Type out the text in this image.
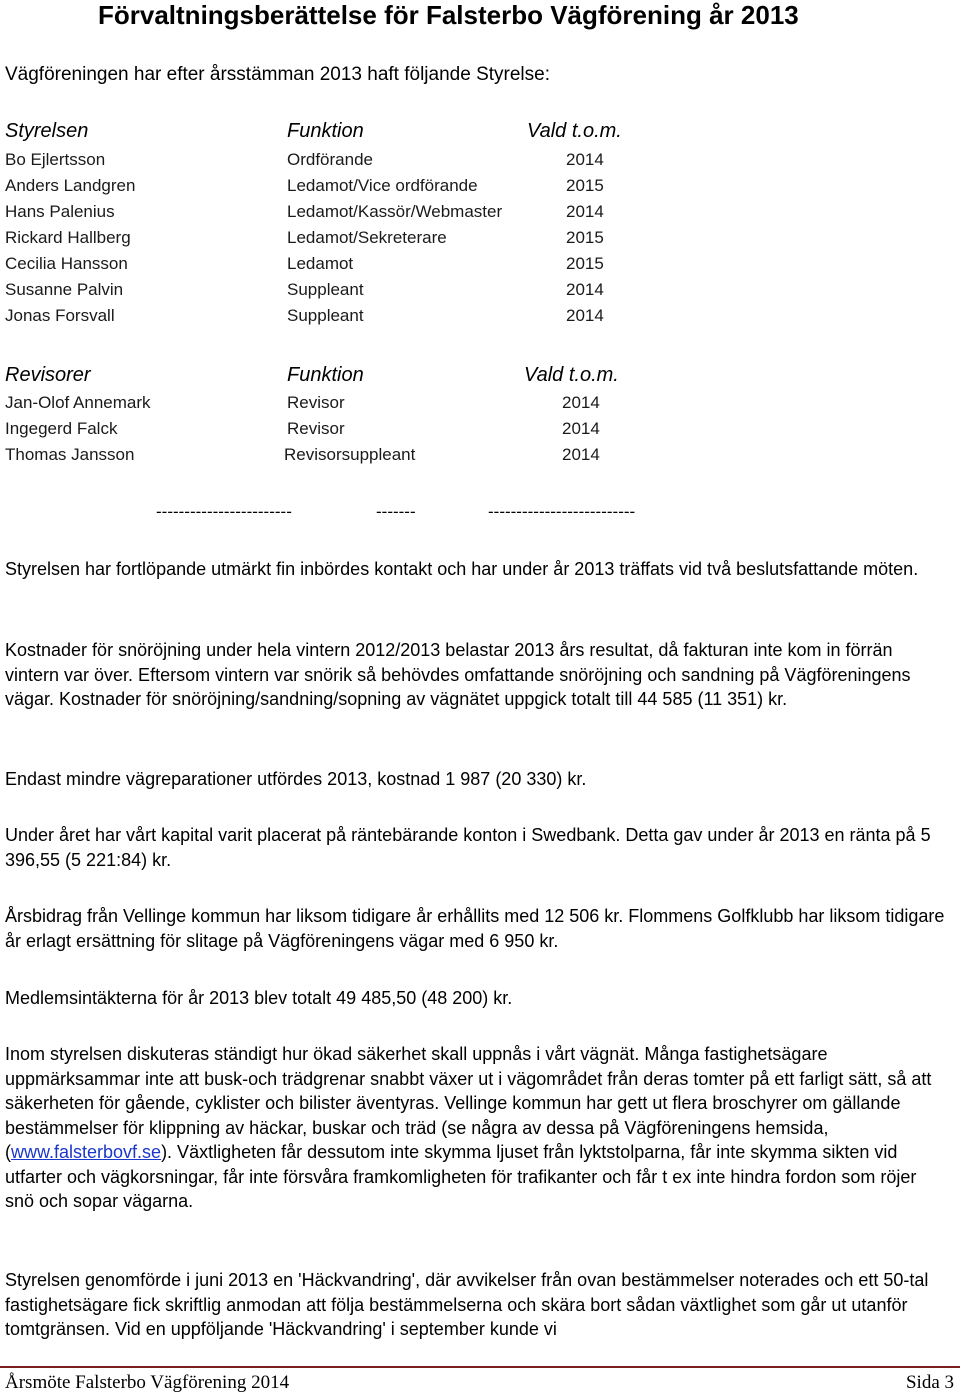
Förvaltningsberättelse för Falsterbo Vägförening år 2013
Vägföreningen har efter årsstämman 2013 haft följande Styrelse:
Styrelsen	Funktion	Vald t.o.m.
Bo Ejlertsson	Ordförande	2014
Anders Landgren	Ledamot/Vice ordförande	2015
Hans Palenius	Ledamot/Kassör/Webmaster	2014
Rickard Hallberg	Ledamot/Sekreterare	2015
Cecilia Hansson	Ledamot	2015
Susanne Palvin	Suppleant	2014
Jonas Forsvall	Suppleant	2014
Revisorer	Funktion	Vald t.o.m.
Jan-Olof Annemark	Revisor	2014
Ingegerd Falck	Revisor	2014
Thomas Jansson	Revisorsuppleant	2014
------------------------	-------	--------------------------

Styrelsen har fortlöpande utmärkt fin inbördes kontakt och har under år 2013 träffats vid två beslutsfattande möten.

Kostnader för snöröjning under hela vintern 2012/2013 belastar 2013 års resultat, då fakturan inte kom in förrän vintern var över. Eftersom vintern var snörik så behövdes omfattande snöröjning och sandning på Vägföreningens vägar. Kostnader för snöröjning/sandning/sopning av vägnätet uppgick totalt till 44 585 (11 351) kr.

Endast mindre vägreparationer utfördes 2013, kostnad 1 987 (20 330) kr.

Under året har vårt kapital varit placerat på räntebärande konton i Swedbank. Detta gav under år 2013 en ränta på 5 396,55 (5 221:84) kr.

Årsbidrag från Vellinge kommun har liksom tidigare år erhållits med 12 506 kr. Flommens Golfklubb har liksom tidigare år erlagt ersättning för slitage på Vägföreningens vägar med 6 950 kr.

Medlemsintäkterna för år 2013 blev totalt 49 485,50 (48 200) kr.

Inom styrelsen diskuteras ständigt hur ökad säkerhet skall uppnås i vårt vägnät. Många fastighetsägare uppmärksammar inte att busk-och trädgrenar snabbt växer ut i vägområdet från deras tomter på ett farligt sätt, så att säkerheten för gående, cyklister och bilister äventyras. Vellinge kommun har gett ut flera broschyrer om gällande bestämmelser för klippning av häckar, buskar och träd (se några av dessa på Vägföreningens hemsida, (www.falsterbovf.se). Växtligheten får dessutom inte skymma ljuset från lyktstolparna, får inte skymma sikten vid utfarter och vägkorsningar, får inte försvåra framkomligheten för trafikanter och får t ex inte hindra fordon som röjer snö och sopar vägarna.

Styrelsen genomförde i juni 2013 en 'Häckvandring', där avvikelser från ovan bestämmelser noterades och ett 50-tal fastighetsägare fick skriftlig anmodan att följa bestämmelserna och skära bort sådan växtlighet som går ut utanför tomtgränsen. Vid en uppföljande 'Häckvandring' i september kunde vi

Årsmöte Falsterbo Vägförening 2014	Sida 3
